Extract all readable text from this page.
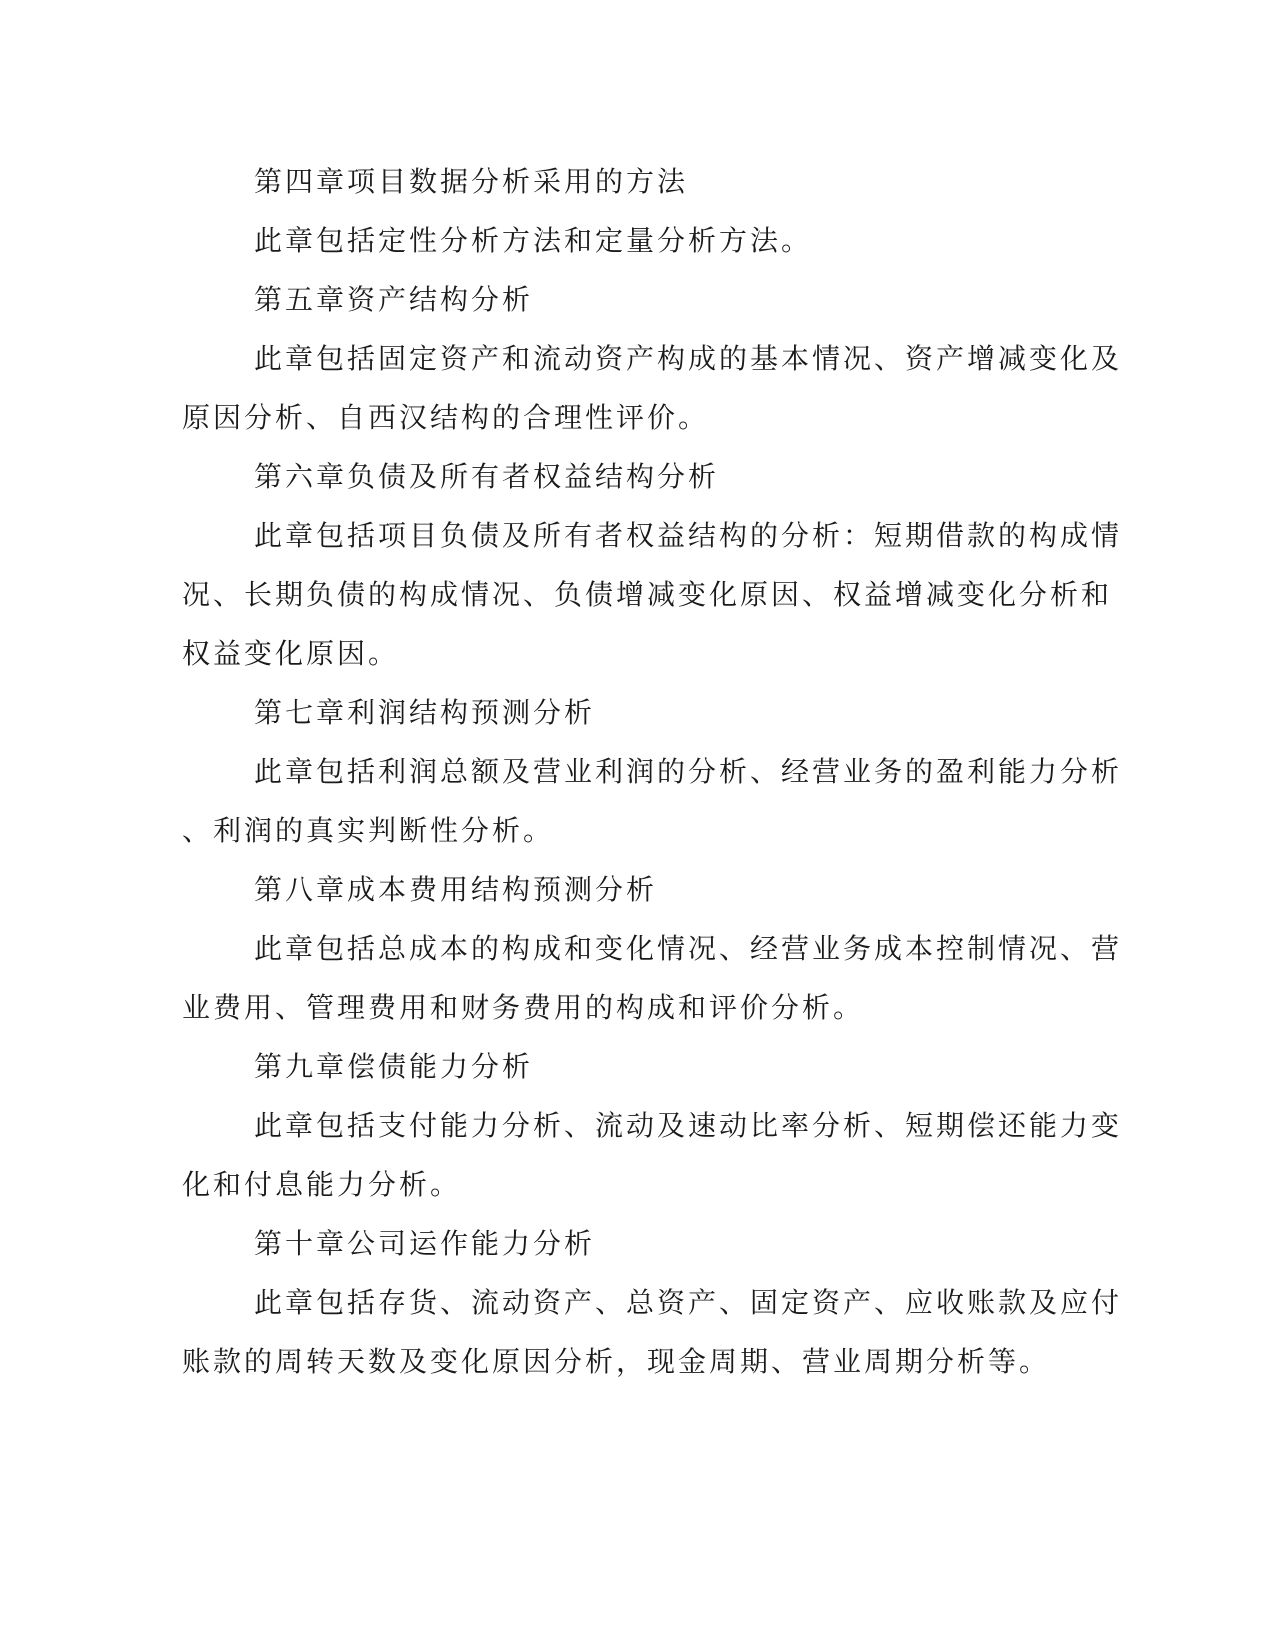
第四章项目数据分析采用的方法
此章包括定性分析方法和定量分析方法。
第五章资产结构分析
此章包括固定资产和流动资产构成的基本情况、资产增减变化及
原因分析、自西汉结构的合理性评价。
第六章负债及所有者权益结构分析
此章包括项目负债及所有者权益结构的分析：短期借款的构成情
况、长期负债的构成情况、负债增减变化原因、权益增减变化分析和
权益变化原因。
第七章利润结构预测分析
此章包括利润总额及营业利润的分析、经营业务的盈利能力分析
、利润的真实判断性分析。
第八章成本费用结构预测分析
此章包括总成本的构成和变化情况、经营业务成本控制情况、营
业费用、管理费用和财务费用的构成和评价分析。
第九章偿债能力分析
此章包括支付能力分析、流动及速动比率分析、短期偿还能力变
化和付息能力分析。
第十章公司运作能力分析
此章包括存货、流动资产、总资产、固定资产、应收账款及应付
账款的周转天数及变化原因分析，现金周期、营业周期分析等。
